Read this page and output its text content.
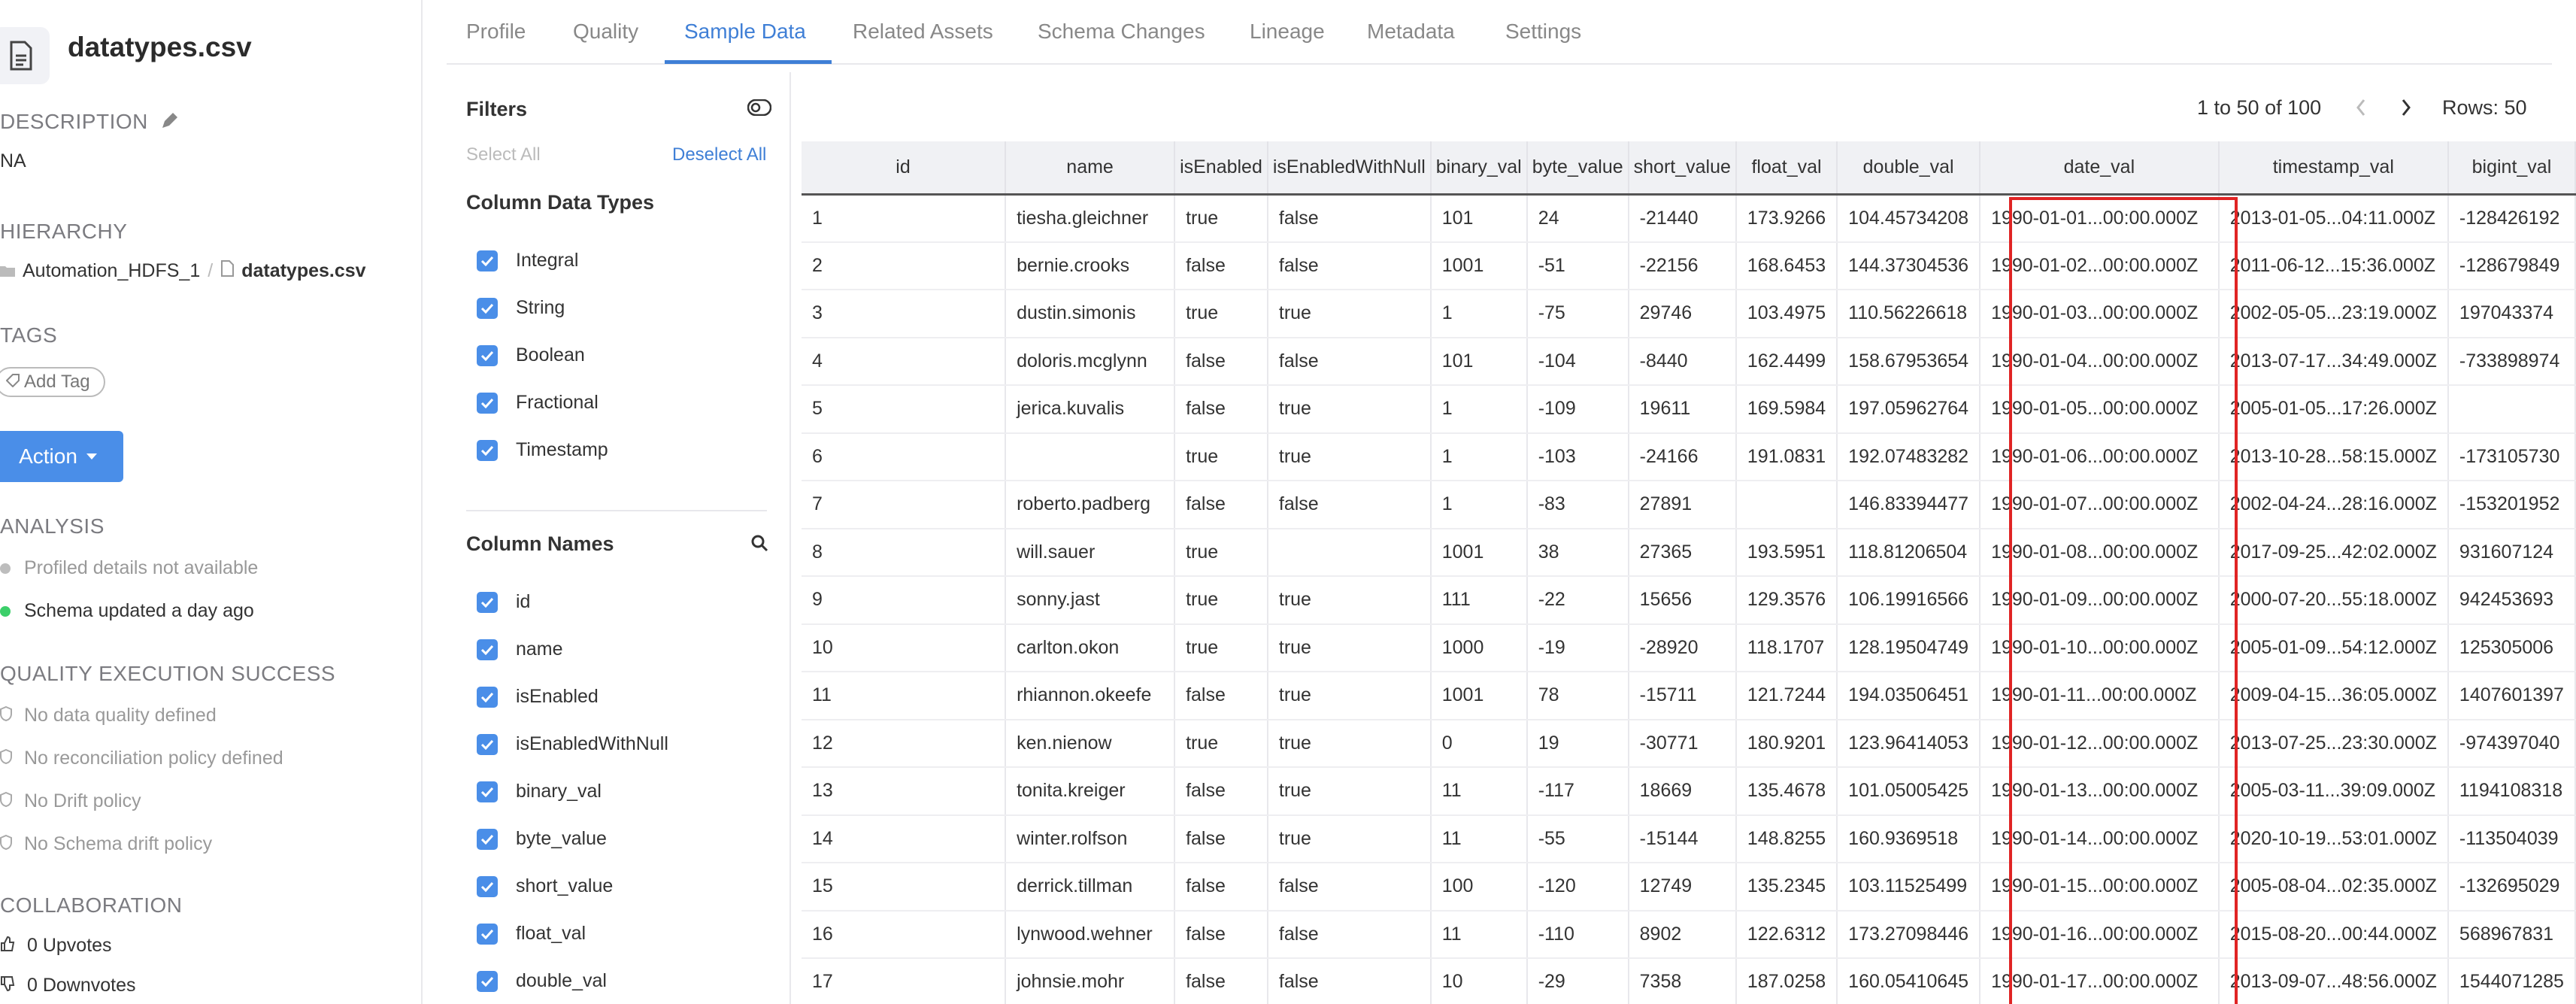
datatypes.csv
DESCRIPTION
NA
HIERARCHY
Automation_HDFS_1 / datatypes.csv
TAGS
Add Tag
Action
ANALYSIS
Profiled details not available
Schema updated a day ago
QUALITY EXECUTION SUCCESS
No data quality defined
No reconciliation policy defined
No Drift policy
No Schema drift policy
COLLABORATION
0 Upvotes
0 Downvotes
Profile Quality Sample Data Related Assets Schema Changes Lineage Metadata Settings
Filters
Select All	Deselect All
Column Data Types
Integral
String
Boolean
Fractional
Timestamp
Column Names
id
name
isEnabled
isEnabledWithNull
binary_val
byte_value
short_value
float_val
double_val
1 to 50 of 100	Rows: 50
id	name	isEnabled	isEnabledWithNull	binary_val	byte_value	short_value	float_val	double_val	date_val	timestamp_val	bigint_val
1	tiesha.gleichner	true	false	101	24	-21440	173.9266	104.45734208	1990-01-01...00:00.000Z	2013-01-05...04:11.000Z	-128426192
2	bernie.crooks	false	false	1001	-51	-22156	168.6453	144.37304536	1990-01-02...00:00.000Z	2011-06-12...15:36.000Z	-128679849
3	dustin.simonis	true	true	1	-75	29746	103.4975	110.56226618	1990-01-03...00:00.000Z	2002-05-05...23:19.000Z	197043374
4	doloris.mcglynn	false	false	101	-104	-8440	162.4499	158.67953654	1990-01-04...00:00.000Z	2013-07-17...34:49.000Z	-733898974
5	jerica.kuvalis	false	true	1	-109	19611	169.5984	197.05962764	1990-01-05...00:00.000Z	2005-01-05...17:26.000Z	
6		true	true	1	-103	-24166	191.0831	192.07483282	1990-01-06...00:00.000Z	2013-10-28...58:15.000Z	-173105730
7	roberto.padberg	false	false	1	-83	27891		146.83394477	1990-01-07...00:00.000Z	2002-04-24...28:16.000Z	-153201952
8	will.sauer	true		1001	38	27365	193.5951	118.81206504	1990-01-08...00:00.000Z	2017-09-25...42:02.000Z	931607124
9	sonny.jast	true	true	111	-22	15656	129.3576	106.19916566	1990-01-09...00:00.000Z	2000-07-20...55:18.000Z	942453693
10	carlton.okon	true	true	1000	-19	-28920	118.1707	128.19504749	1990-01-10...00:00.000Z	2005-01-09...54:12.000Z	125305006
11	rhiannon.okeefe	false	true	1001	78	-15711	121.7244	194.03506451	1990-01-11...00:00.000Z	2009-04-15...36:05.000Z	1407601397
12	ken.nienow	true	true	0	19	-30771	180.9201	123.96414053	1990-01-12...00:00.000Z	2013-07-25...23:30.000Z	-974397040
13	tonita.kreiger	false	true	11	-117	18669	135.4678	101.05005425	1990-01-13...00:00.000Z	2005-03-11...39:09.000Z	1194108318
14	winter.rolfson	false	true	11	-55	-15144	148.8255	160.9369518	1990-01-14...00:00.000Z	2020-10-19...53:01.000Z	-113504039
15	derrick.tillman	false	false	100	-120	12749	135.2345	103.11525499	1990-01-15...00:00.000Z	2005-08-04...02:35.000Z	-132695029
16	lynwood.wehner	false	false	11	-110	8902	122.6312	173.27098446	1990-01-16...00:00.000Z	2015-08-20...00:44.000Z	568967831
17	johnsie.mohr	false	false	10	-29	7358	187.0258	160.05410645	1990-01-17...00:00.000Z	2013-09-07...48:56.000Z	1544071285
